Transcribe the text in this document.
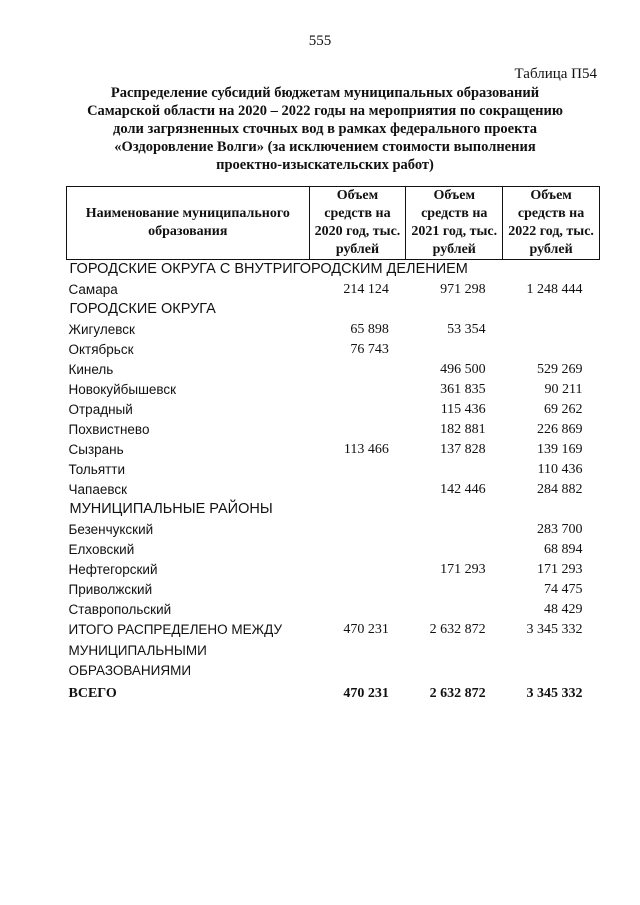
555
Таблица П54
Распределение субсидий бюджетам муниципальных образований
Самарской области на 2020 – 2022 годы на мероприятия по сокращению
доли загрязненных сточных вод в рамках федерального проекта
«Оздоровление Волги» (за исключением стоимости выполнения
проектно-изыскательских работ)
Наименование муниципального образования	Объем средств на 2020 год, тыс. рублей	Объем средств на 2021 год, тыс. рублей	Объем средств на 2022 год, тыс. рублей
ГОРОДСКИЕ ОКРУГА С ВНУТРИГОРОДСКИМ ДЕЛЕНИЕМ			
Самара	214 124	971 298	1 248 444
ГОРОДСКИЕ ОКРУГА			
Жигулевск	65 898	53 354	
Октябрьск	76 743		
Кинель		496 500	529 269
Новокуйбышевск		361 835	90 211
Отрадный		115 436	69 262
Похвистнево		182 881	226 869
Сызрань	113 466	137 828	139 169
Тольятти			110 436
Чапаевск		142 446	284 882
МУНИЦИПАЛЬНЫЕ РАЙОНЫ			
Безенчукский			283 700
Елховский			68 894
Нефтегорский		171 293	171 293
Приволжский			74 475
Ставропольский			48 429

ИТОГО РАСПРЕДЕЛЕНО МЕЖДУ
МУНИЦИПАЛЬНЫМИ
ОБРАЗОВАНИЯМИ	470 231	2 632 872	3 345 332
ВСЕГО	470 231	2 632 872	3 345 332
